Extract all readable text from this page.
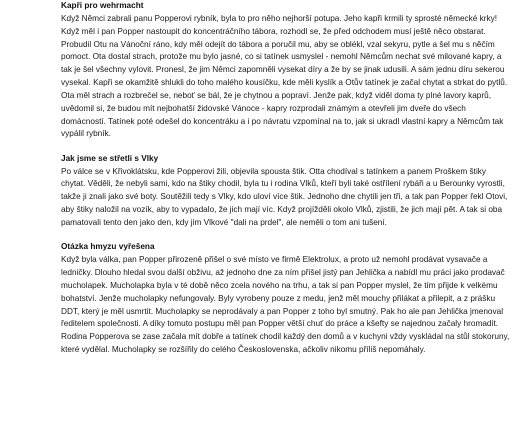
Kapři pro wehrmacht

Když Němci zabrali panu Popperovi rybník, byla to pro něho nejhorší potupa. Jeho kapři krmili ty sprosté německé krky! Když měl i pan Popper nastoupit do koncentráčního tábora, rozhodl se, že před odchodem musí ještě něco obstarat. Probudil Otu na Vánoční ráno, kdy měl odejít do tábora a poručil mu, aby se oblékl, vzal sekyru, pytle a šel mu s něčím pomoct. Ota dostal strach, protože mu bylo jasné, co si tatínek usmyslel - nemohl Němcům nechat své milované kapry, a tak je šel všechny vylovit. Pronesl, že jim Němci zapomněli vysekat díry a že by se jinak udusili. A sám jednu díru sekerou vysekal. Kapři se okamžitě shlukli do toho malého kousíčku, kde měli kyslík a Otův tatínek je začal chytat a strkat do pytlů. Ota měl strach a rozbrečel se, neboť se bál, že je chytnou a popraví. Jenže pak, když viděl doma ty plné lavory kaprů, uvědomil si, že budou mít nejbohatší židovské Vánoce - kapry rozprodali známým a otevřeli jim dveře do všech domácností. Tatínek poté odešel do koncentráku a i po návratu vzpomínal na to, jak si ukradl vlastní kapry a Němcům tak vypálil rybník.

Jak jsme se střetli s Vlky

Po válce se v Křivoklátsku, kde Popperovi žili, objevila spousta štik. Otta chodíval s tatínkem a panem Proškem štiky chytat. Věděli, že nebyli sami, kdo na štiky chodil, byla tu i rodina Vlků, kteří byli také ostřílení rybáři a u Berounky vyrostli, takže ji znali jako své boty. Soutěžili tedy s Vlky, kdo uloví více štik. Jednoho dne chytili jen tři, a tak pan Popper řekl Otovi, aby štiky naložil na vozík, aby to vypadalo, že jich mají víc. Když projížděli okolo Vlků, zjistili, že jich mají pět. A tak si oba pamatovali tento den jako den, kdy jim Vlkové "dali na prdel", ale neměli o tom ani tušení.

Otázka hmyzu vyřešena

Když byla válka, pan Popper přirozeně přišel o své místo ve firmě Elektrolux, a proto už nemohl prodávat vysavače a ledničky. Dlouho hledal svou další obživu, až jednoho dne za ním přišel jistý pan Jehlička a nabídl mu práci jako prodavač mucholapek. Mucholapka byla v té době něco zcela nového na trhu, a tak si pan Popper myslel, že tím přijde k velkému bohatství. Jenže mucholapky nefungovaly. Byly vyrobeny pouze z medu, jenž měl mouchy přilákat a přilepit, a z prášku DDT, který je měl usmrtit. Mucholapky se neprodávaly a pan Popper z toho byl smutný. Pak ho ale pan Jehlička jmenoval ředitelem společnosti. A díky tomuto postupu měl pan Popper větší chuť do práce a kšefty se najednou začaly hromadit. Rodina Popperova se zase začala mít dobře a tatínek chodil každý den domů a v kuchyni vždy vyskládal na stůl stokoruny, které vydělal. Mucholapky se rozšířily do celého Československa, ačkoliv nikomu příliš nepomáhaly.
